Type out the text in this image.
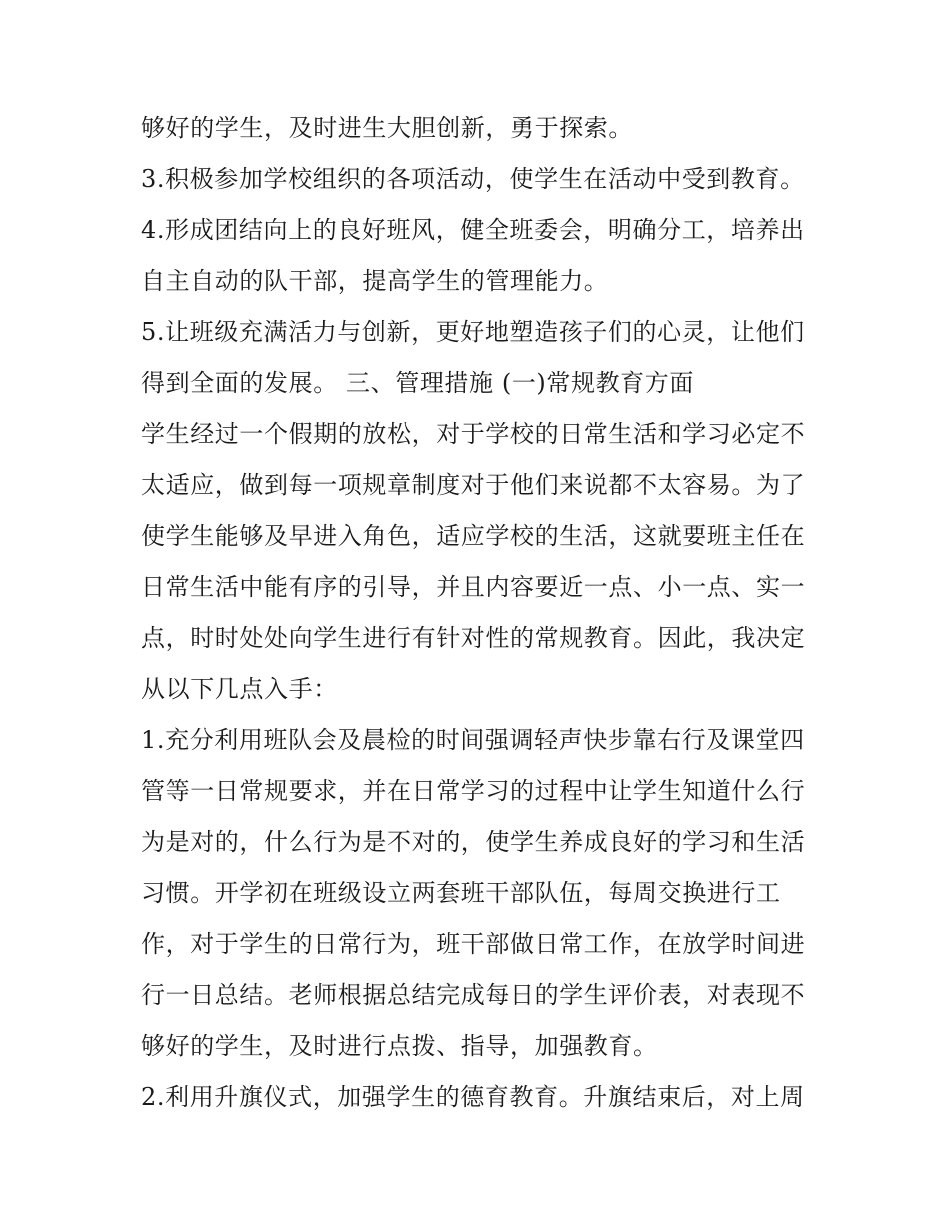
够好的学生，及时进生大胆创新，勇于探索。
3.积极参加学校组织的各项活动，使学生在活动中受到教育。
4.形成团结向上的良好班风，健全班委会，明确分工，培养出
自主自动的队干部，提高学生的管理能力。
5.让班级充满活力与创新，更好地塑造孩子们的心灵，让他们
得到全面的发展。 三、管理措施 (一)常规教育方面
学生经过一个假期的放松，对于学校的日常生活和学习必定不
太适应，做到每一项规章制度对于他们来说都不太容易。为了
使学生能够及早进入角色，适应学校的生活，这就要班主任在
日常生活中能有序的引导，并且内容要近一点、小一点、实一
点，时时处处向学生进行有针对性的常规教育。因此，我决定
从以下几点入手：
1.充分利用班队会及晨检的时间强调轻声快步靠右行及课堂四
管等一日常规要求，并在日常学习的过程中让学生知道什么行
为是对的，什么行为是不对的，使学生养成良好的学习和生活
习惯。开学初在班级设立两套班干部队伍，每周交换进行工
作，对于学生的日常行为，班干部做日常工作，在放学时间进
行一日总结。老师根据总结完成每日的学生评价表，对表现不
够好的学生，及时进行点拨、指导，加强教育。
2.利用升旗仪式，加强学生的德育教育。升旗结束后，对上周
